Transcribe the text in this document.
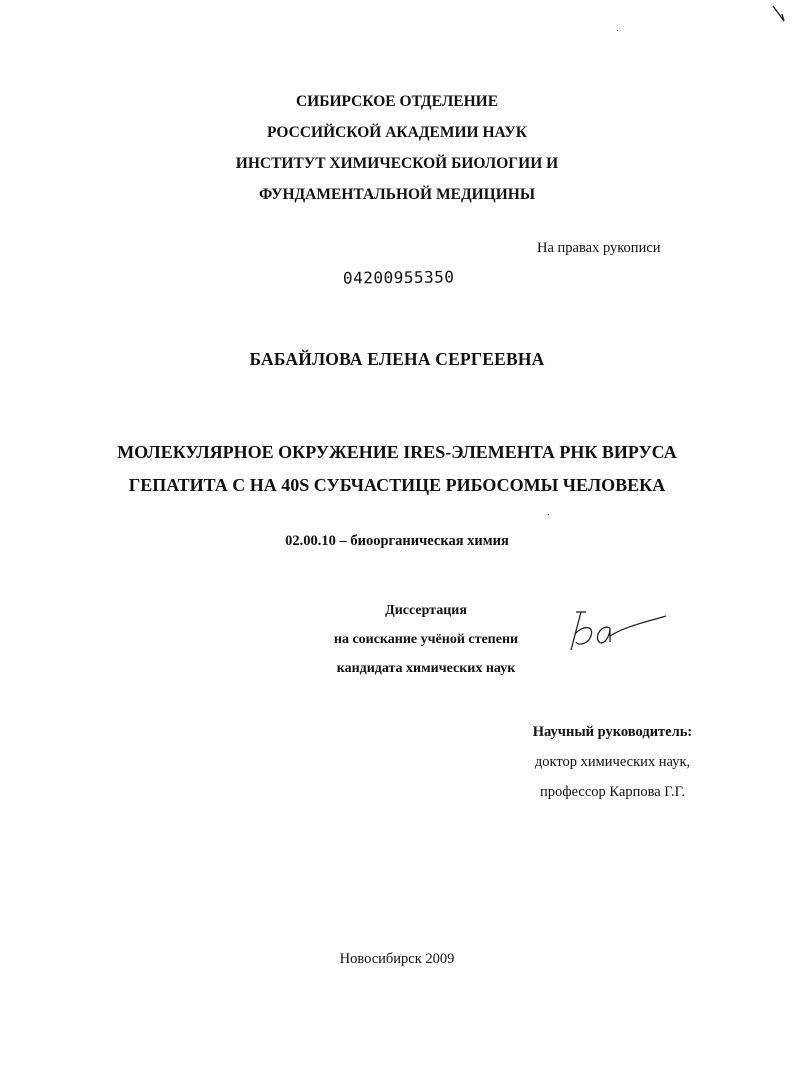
СИБИРСКОЕ ОТДЕЛЕНИЕ
РОССИЙСКОЙ АКАДЕМИИ НАУК
ИНСТИТУТ ХИМИЧЕСКОЙ БИОЛОГИИ И
ФУНДАМЕНТАЛЬНОЙ МЕДИЦИНЫ
На правах рукописи
04200955350
БАБАЙЛОВА ЕЛЕНА СЕРГЕЕВНА
МОЛЕКУЛЯРНОЕ ОКРУЖЕНИЕ IRES-ЭЛЕМЕНТА РНК ВИРУСА
ГЕПАТИТА С НА 40S СУБЧАСТИЦЕ РИБОСОМЫ ЧЕЛОВЕКА
02.00.10 – биоорганическая химия
Диссертация
на соискание учёной степени
кандидата химических наук
Научный руководитель:
доктор химических наук,
профессор Карпова Г.Г.
Новосибирск 2009
